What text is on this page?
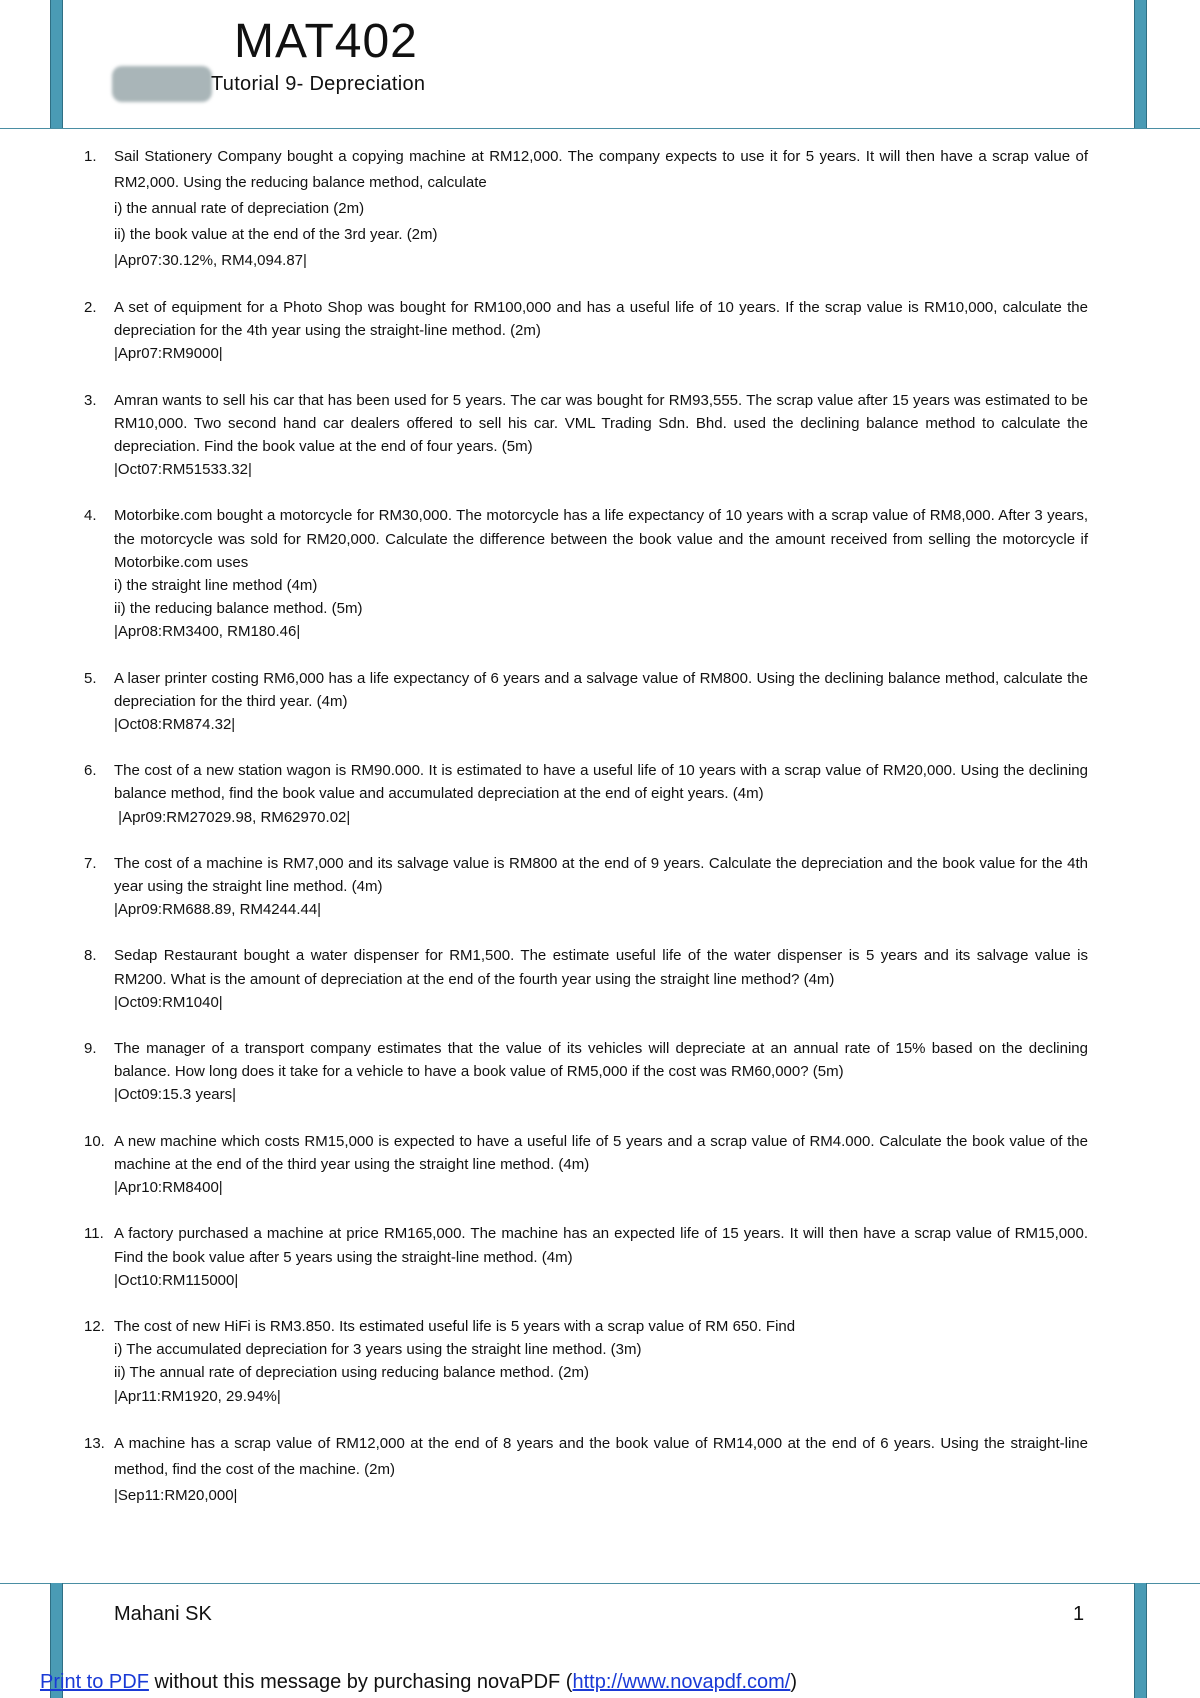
MAT402
Tutorial 9- Depreciation
1.	Sail Stationery Company bought a copying machine at RM12,000. The company expects to use it for 5 years. It will then have a scrap value of RM2,000. Using the reducing balance method, calculate
i) the annual rate of depreciation (2m)
ii) the book value at the end of the 3rd year. (2m)
|Apr07:30.12%, RM4,094.87|
2.	A set of equipment for a Photo Shop was bought for RM100,000 and has a useful life of 10 years. If the scrap value is RM10,000, calculate the depreciation for the 4th year using the straight-line method. (2m)
|Apr07:RM9000|
3.	Amran wants to sell his car that has been used for 5 years. The car was bought for RM93,555. The scrap value after 15 years was estimated to be RM10,000. Two second hand car dealers offered to sell his car. VML Trading Sdn. Bhd. used the declining balance method to calculate the depreciation. Find the book value at the end of four years. (5m)
|Oct07:RM51533.32|
4.	Motorbike.com bought a motorcycle for RM30,000. The motorcycle has a life expectancy of 10 years with a scrap value of RM8,000. After 3 years, the motorcycle was sold for RM20,000. Calculate the difference between the book value and the amount received from selling the motorcycle if Motorbike.com uses
i) the straight line method (4m)
ii) the reducing balance method. (5m)
|Apr08:RM3400, RM180.46|
5.	A laser printer costing RM6,000 has a life expectancy of 6 years and a salvage value of RM800. Using the declining balance method, calculate the depreciation for the third year. (4m)
|Oct08:RM874.32|
6.	The cost of a new station wagon is RM90.000. It is estimated to have a useful life of 10 years with a scrap value of RM20,000. Using the declining balance method, find the book value and accumulated depreciation at the end of eight years. (4m)
|Apr09:RM27029.98, RM62970.02|
7.	The cost of a machine is RM7,000 and its salvage value is RM800 at the end of 9 years. Calculate the depreciation and the book value for the 4th year using the straight line method. (4m)
|Apr09:RM688.89, RM4244.44|
8.	Sedap Restaurant bought a water dispenser for RM1,500. The estimate useful life of the water dispenser is 5 years and its salvage value is RM200. What is the amount of depreciation at the end of the fourth year using the straight line method? (4m)
|Oct09:RM1040|
9.	The manager of a transport company estimates that the value of its vehicles will depreciate at an annual rate of 15% based on the declining balance. How long does it take for a vehicle to have a book value of RM5,000 if the cost was RM60,000? (5m)
|Oct09:15.3 years|
10. A new machine which costs RM15,000 is expected to have a useful life of 5 years and a scrap value of RM4.000. Calculate the book value of the machine at the end of the third year using the straight line method. (4m)
|Apr10:RM8400|
11. A factory purchased a machine at price RM165,000. The machine has an expected life of 15 years. It will then have a scrap value of RM15,000. Find the book value after 5 years using the straight-line method. (4m)
|Oct10:RM115000|
12. The cost of new HiFi is RM3.850. Its estimated useful life is 5 years with a scrap value of RM 650. Find
i) The accumulated depreciation for 3 years using the straight line method. (3m)
ii) The annual rate of depreciation using reducing balance method. (2m)
|Apr11:RM1920, 29.94%|
13. A machine has a scrap value of RM12,000 at the end of 8 years and the book value of RM14,000 at the end of 6 years. Using the straight-line method, find the cost of the machine. (2m)
|Sep11:RM20,000|
Mahani SK	1
Print to PDF without this message by purchasing novaPDF (http://www.novapdf.com/)
